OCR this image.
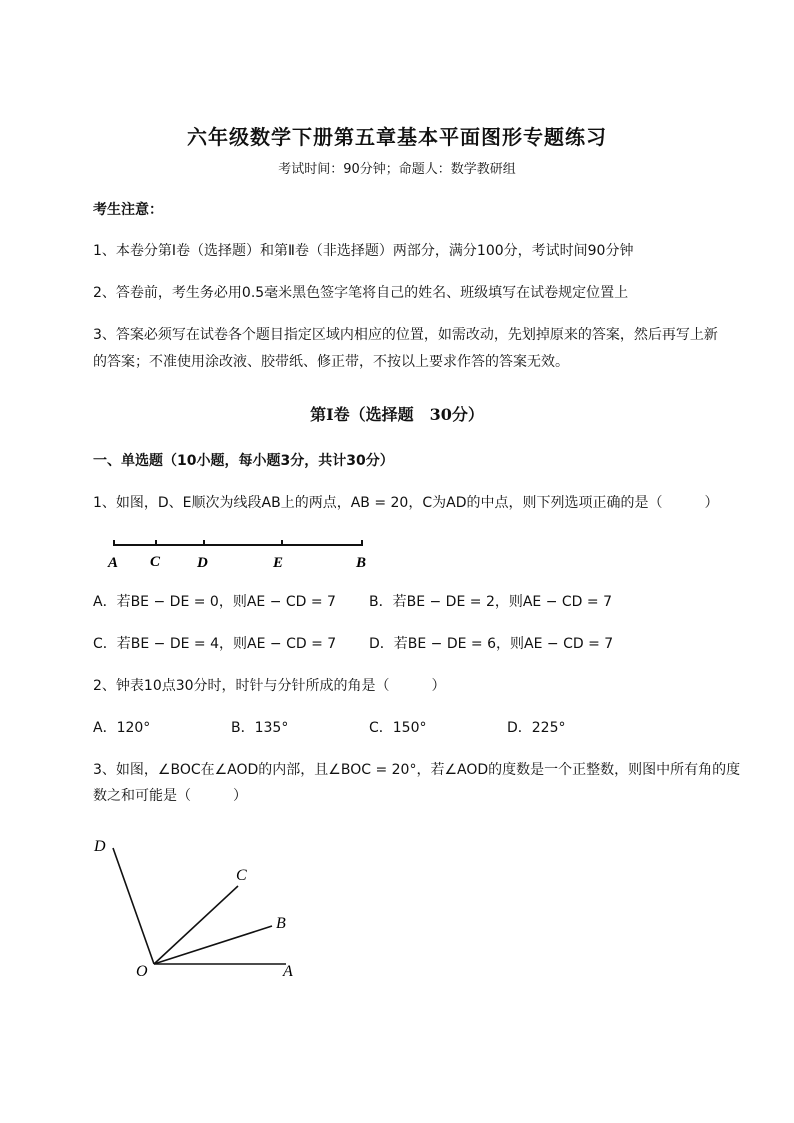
六年级数学下册第五章基本平面图形专题练习
考试时间：90分钟；命题人：数学教研组
考生注意：
1、本卷分第I卷（选择题）和第Ⅱ卷（非选择题）两部分，满分100分，考试时间90分钟
2、答卷前，考生务必用0.5毫米黑色签字笔将自己的姓名、班级填写在试卷规定位置上
3、答案必须写在试卷各个题目指定区域内相应的位置，如需改动，先划掉原来的答案，然后再写上新
的答案；不准使用涂改液、胶带纸、修正带，不按以上要求作答的答案无效。
第I卷（选择题　30分）
一、单选题（10小题，每小题3分，共计30分）
1、如图，D、E顺次为线段AB上的两点，AB = 20，C为AD的中点，则下列选项正确的是（　　　）
A C D	E	B
A．若BE − DE = 0，则AE − CD = 7 B．若BE − DE = 2，则AE − CD = 7
C．若BE − DE = 4，则AE − CD = 7 D．若BE − DE = 6，则AE − CD = 7
2、钟表10点30分时，时针与分针所成的角是（　　　）
A．120°	B．135°	C．150°	D．225°
3、如图，∠BOC在∠AOD的内部，且∠BOC = 20°，若∠AOD的度数是一个正整数，则图中所有角的度
数之和可能是（　　　）
D
C
B
O	A
